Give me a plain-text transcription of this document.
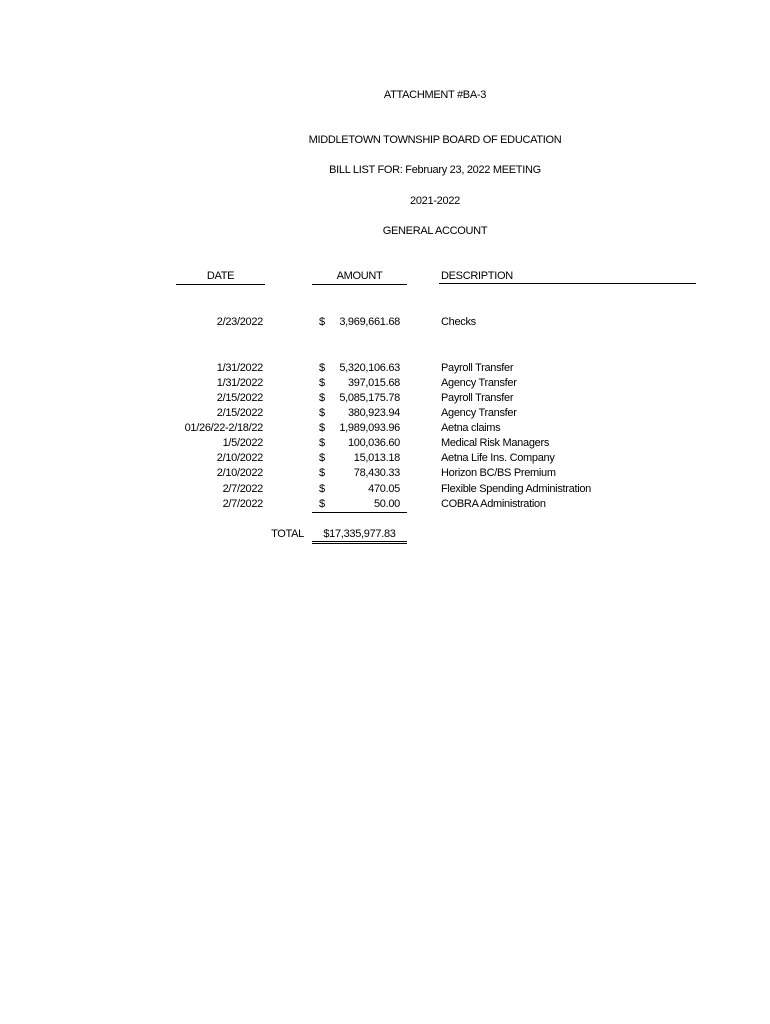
ATTACHMENT #BA-3
MIDDLETOWN TOWNSHIP BOARD OF EDUCATION
BILL LIST FOR: February 23, 2022 MEETING
2021-2022
GENERAL ACCOUNT
DATE	AMOUNT	DESCRIPTION
2/23/2022	$	3,969,661.68	Checks
1/31/2022	$	5,320,106.63	Payroll Transfer
1/31/2022	$	397,015.68	Agency Transfer
2/15/2022	$	5,085,175.78	Payroll Transfer
2/15/2022	$	380,923.94	Agency Transfer
01/26/22-2/18/22	$	1,989,093.96	Aetna claims
1/5/2022	$	100,036.60	Medical Risk Managers
2/10/2022	$	15,013.18	Aetna Life Ins. Company
2/10/2022	$	78,430.33	Horizon BC/BS Premium
2/7/2022	$	470.05	Flexible Spending Administration
2/7/2022	$	50.00	COBRA Administration
TOTAL	$17,335,977.83
